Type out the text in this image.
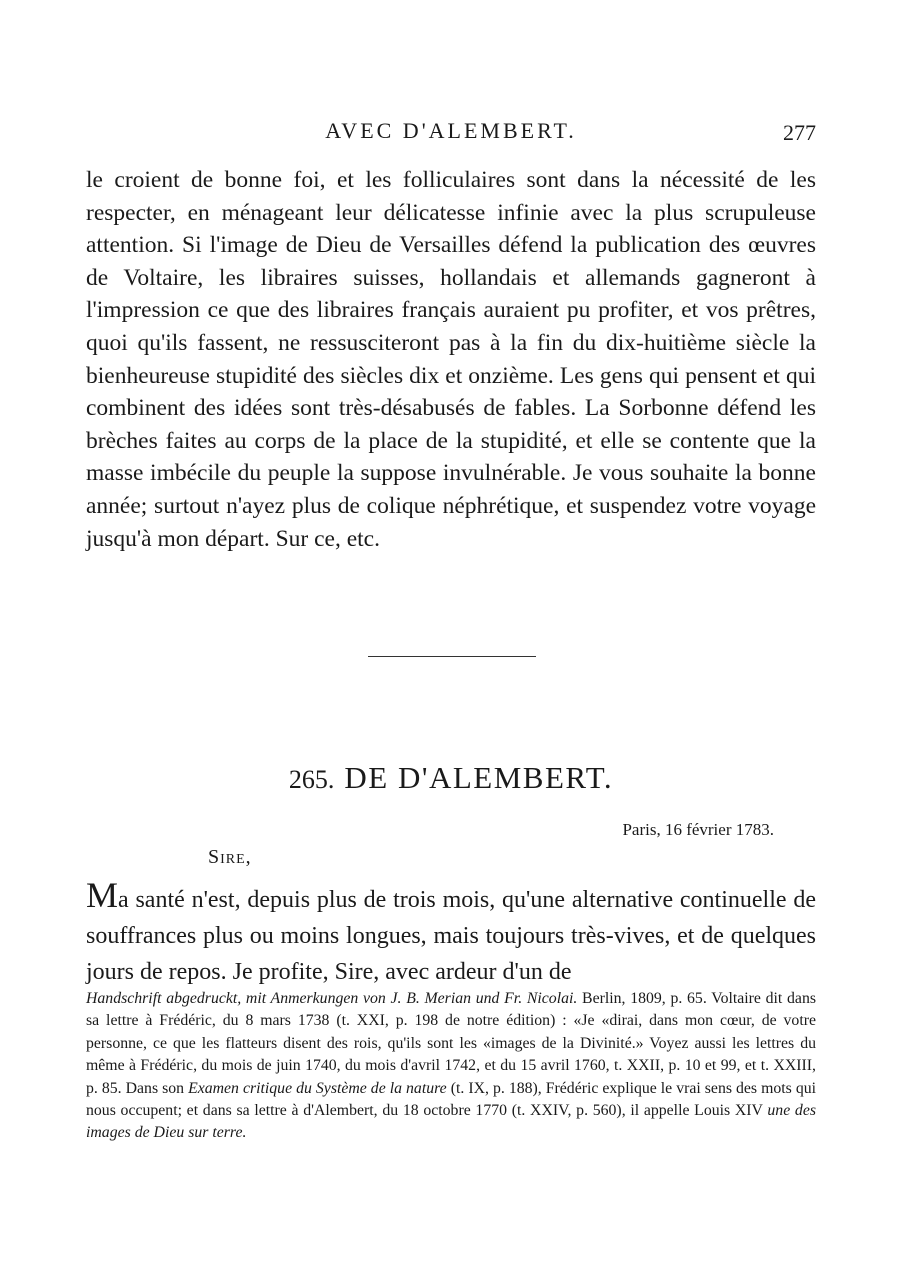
AVEC D'ALEMBERT.	277

le croient de bonne foi, et les folliculaires sont dans la nécessité de les respecter, en ménageant leur délicatesse infinie avec la plus scrupuleuse attention. Si l'image de Dieu de Versailles défend la publication des œuvres de Voltaire, les libraires suisses, hollandais et allemands gagneront à l'impression ce que des libraires français auraient pu profiter, et vos prêtres, quoi qu'ils fassent, ne ressusciteront pas à la fin du dix-huitième siècle la bienheureuse stupidité des siècles dix et onzième. Les gens qui pensent et qui combinent des idées sont très-désabusés de fables. La Sorbonne défend les brèches faites au corps de la place de la stupidité, et elle se contente que la masse imbécile du peuple la suppose invulnérable. Je vous souhaite la bonne année; surtout n'ayez plus de colique néphrétique, et suspendez votre voyage jusqu'à mon départ. Sur ce, etc.

265. DE D'ALEMBERT.
Paris, 16 février 1783.
Sire,

Ma santé n'est, depuis plus de trois mois, qu'une alternative continuelle de souffrances plus ou moins longues, mais toujours très-vives, et de quelques jours de repos. Je profite, Sire, avec ardeur d'un de

Handschrift abgedruckt, mit Anmerkungen von J. B. Merian und Fr. Nicolai. Berlin, 1809, p. 65. Voltaire dit dans sa lettre à Frédéric, du 8 mars 1738 (t. XXI, p. 198 de notre édition) : «Je «dirai, dans mon cœur, de votre personne, ce que les flatteurs disent des rois, qu'ils sont les «images de la Divinité.» Voyez aussi les lettres du même à Frédéric, du mois de juin 1740, du mois d'avril 1742, et du 15 avril 1760, t. XXII, p. 10 et 99, et t. XXIII, p. 85. Dans son Examen critique du Système de la nature (t. IX, p. 188), Frédéric explique le vrai sens des mots qui nous occupent; et dans sa lettre à d'Alembert, du 18 octobre 1770 (t. XXIV, p. 560), il appelle Louis XIV une des images de Dieu sur terre.
